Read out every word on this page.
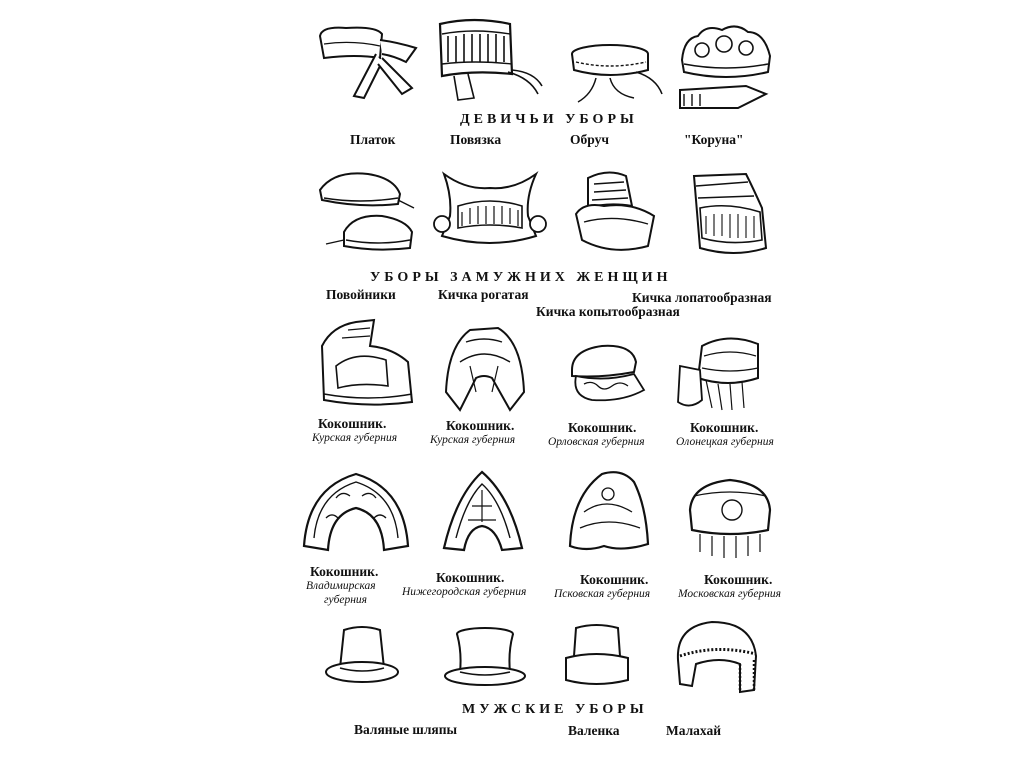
ДЕВИЧЬИ УБОРЫ
Платок	Повязка	Обруч	"Коруна"
УБОРЫ ЗАМУЖНИХ ЖЕНЩИН
Повойники	Кичка рогатая
Кичка копытообразная
Кичка лопатообразная
Кокошник.
Курская губерния
Кокошник.
Курская губерния
Кокошник.
Орловская губерния
Кокошник.
Олонецкая губерния
Кокошник.
Владимирская
губерния
Кокошник.
Нижегородская губерния
Кокошник.
Псковская губерния
Кокошник.
Московская губерния
МУЖСКИЕ УБОРЫ
Валяные шляпы	Валенка	Малахай
